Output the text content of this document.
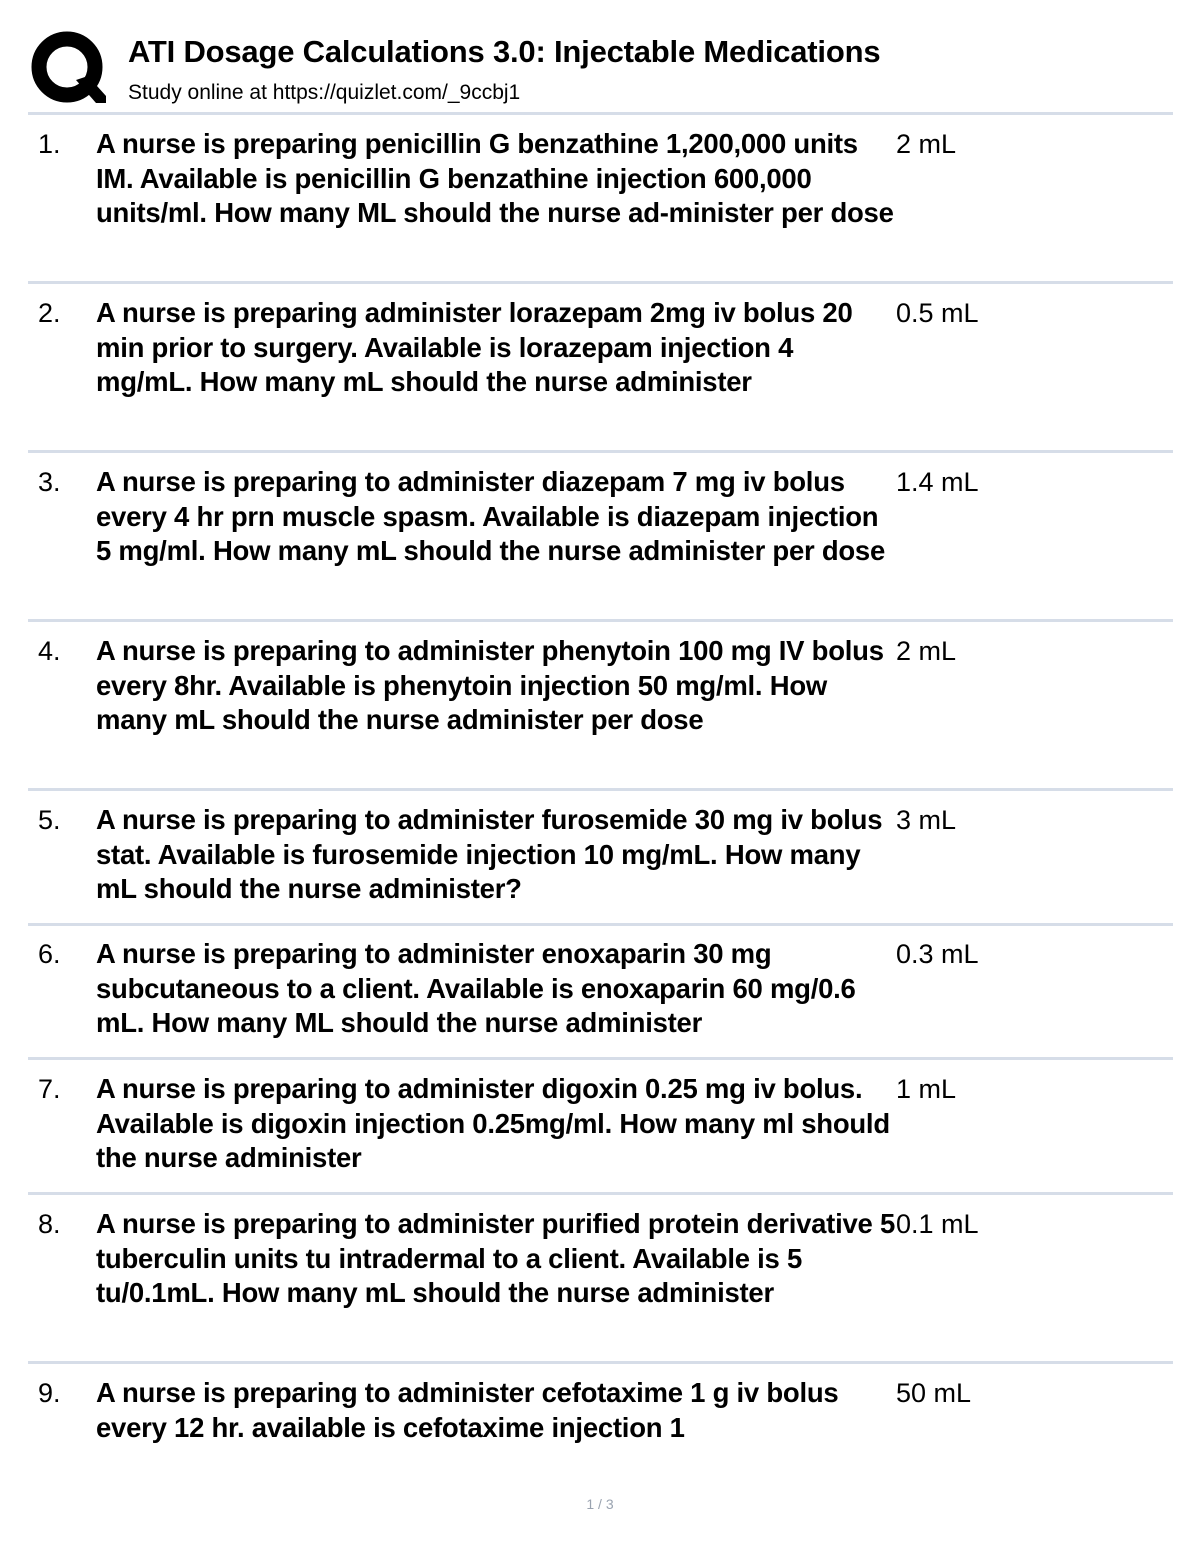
ATI Dosage Calculations 3.0: Injectable Medications
Study online at https://quizlet.com/_9ccbj1
1. A nurse is preparing penicillin G benzathine 1,200,000 units IM. Available is penicillin G benzathine injection 600,000 units/ml. How many ML should the nurse ad-minister per dose
2 mL
2. A nurse is preparing administer lorazepam 2mg iv bolus 20 min prior to surgery. Available is lorazepam injection 4 mg/mL. How many mL should the nurse administer
0.5 mL
3. A nurse is preparing to administer diazepam 7 mg iv bolus every 4 hr prn muscle spasm. Available is diazepam injection 5 mg/ml. How many mL should the nurse administer per dose
1.4 mL
4. A nurse is preparing to administer phenytoin 100 mg IV bolus every 8hr. Available is phenytoin injection 50 mg/ml. How many mL should the nurse administer per dose
2 mL
5. A nurse is preparing to administer furosemide 30 mg iv bolus stat. Available is furosemide injection 10 mg/mL. How many mL should the nurse administer?
3 mL
6. A nurse is preparing to administer enoxaparin 30 mg subcutaneous to a client. Available is enoxaparin 60 mg/0.6 mL. How many ML should the nurse administer
0.3 mL
7. A nurse is preparing to administer digoxin 0.25 mg iv bolus. Available is digoxin injection 0.25mg/ml. How many ml should the nurse administer
1 mL
8. A nurse is preparing to administer purified protein derivative 5 tuberculin units tu intradermal to a client. Available is 5 tu/0.1mL. How many mL should the nurse administer
0.1 mL
9. A nurse is preparing to administer cefotaxime 1 g iv bolus every 12 hr. available is cefotaxime injection 1
50 mL
1 / 3
